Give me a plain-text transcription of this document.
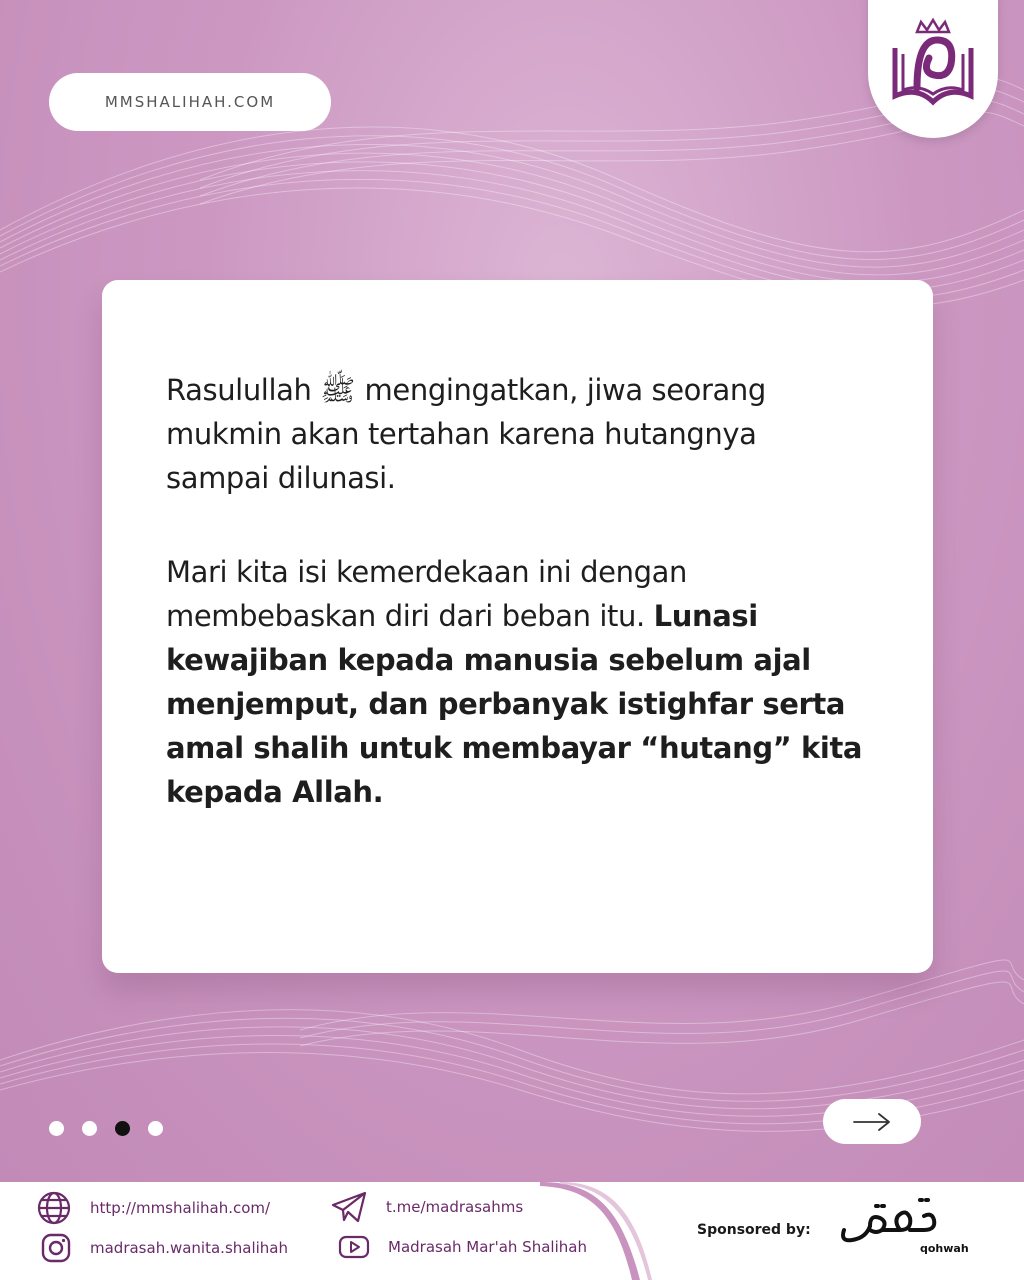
MMSHALIHAH.COM

Rasulullah ﷺ mengingatkan, jiwa seorang mukmin akan tertahan karena hutangnya sampai dilunasi.

Mari kita isi kemerdekaan ini dengan membebaskan diri dari beban itu. Lunasi kewajiban kepada manusia sebelum ajal menjemput, dan perbanyak istighfar serta amal shalih untuk membayar “hutang” kita kepada Allah.

http://mmshalihah.com/
madrasah.wanita.shalihah
t.me/madrasahms
Madrasah Mar'ah Shalihah
Sponsored by:
qohwah
